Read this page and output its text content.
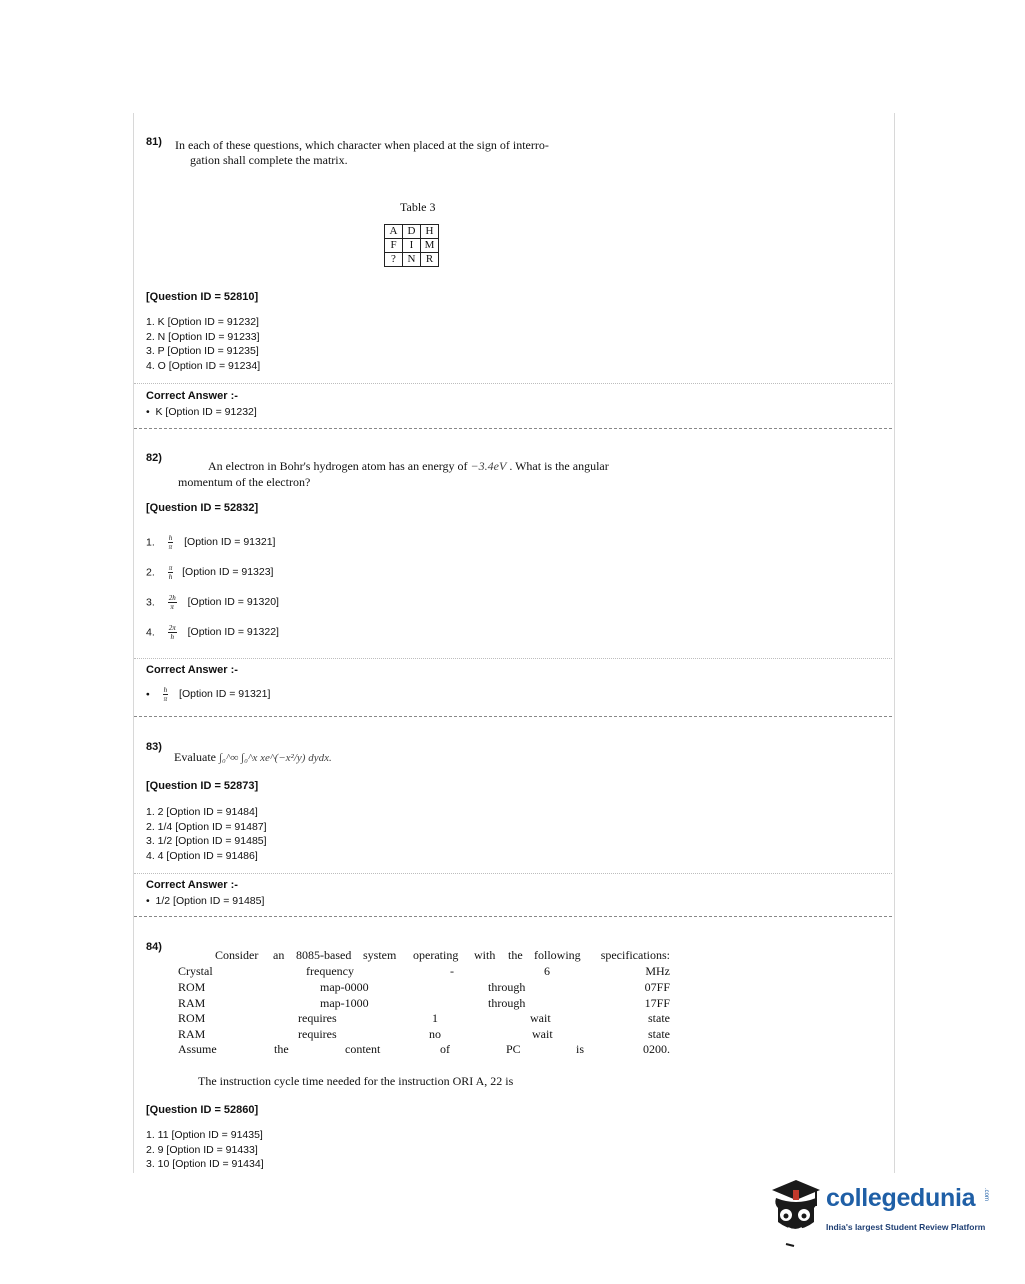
81) In each of these questions, which character when placed at the sign of interro-
gation shall complete the matrix.
Table 3
A	D	H
F	I	M
?	N	R
[Question ID = 52810]
1. K [Option ID = 91232]
2. N [Option ID = 91233]
3. P [Option ID = 91235]
4. O [Option ID = 91234]
Correct Answer :-
•  K [Option ID = 91232]
82)
An electron in Bohr's hydrogen atom has an energy of −3.4eV . What is the angular
momentum of the electron?
[Question ID = 52832]
1. $\frac{h}{\pi}$ [Option ID = 91321]
2. $\frac{\pi}{h}$ [Option ID = 91323]
3. $\frac{2h}{\pi}$ [Option ID = 91320]
4. $\frac{2\pi}{h}$ [Option ID = 91322]
Correct Answer :-
• $\frac{h}{\pi}$ [Option ID = 91321]
83)
Evaluate ∫₀^∞ ∫₀^x xe^(−x²/y) dydx.
[Question ID = 52873]
1. 2 [Option ID = 91484]
2. 1/4 [Option ID = 91487]
3. 1/2 [Option ID = 91485]
4. 4 [Option ID = 91486]
Correct Answer :-
•  1/2 [Option ID = 91485]
84)
Consider an 8085-based system operating with the following specifications:
Crystal	frequency	-	6	MHz
ROM	map-0000	through	07FF
RAM	map-1000	through	17FF
ROM	requires	1	wait	state
RAM	requires	no	wait	state
Assume	the	content	of	PC	is	0200.
The instruction cycle time needed for the instruction ORI A, 22 is
[Question ID = 52860]
1. 11 [Option ID = 91435]
2. 9 [Option ID = 91433]
3. 10 [Option ID = 91434]
collegedunia .com
India's largest Student Review Platform
